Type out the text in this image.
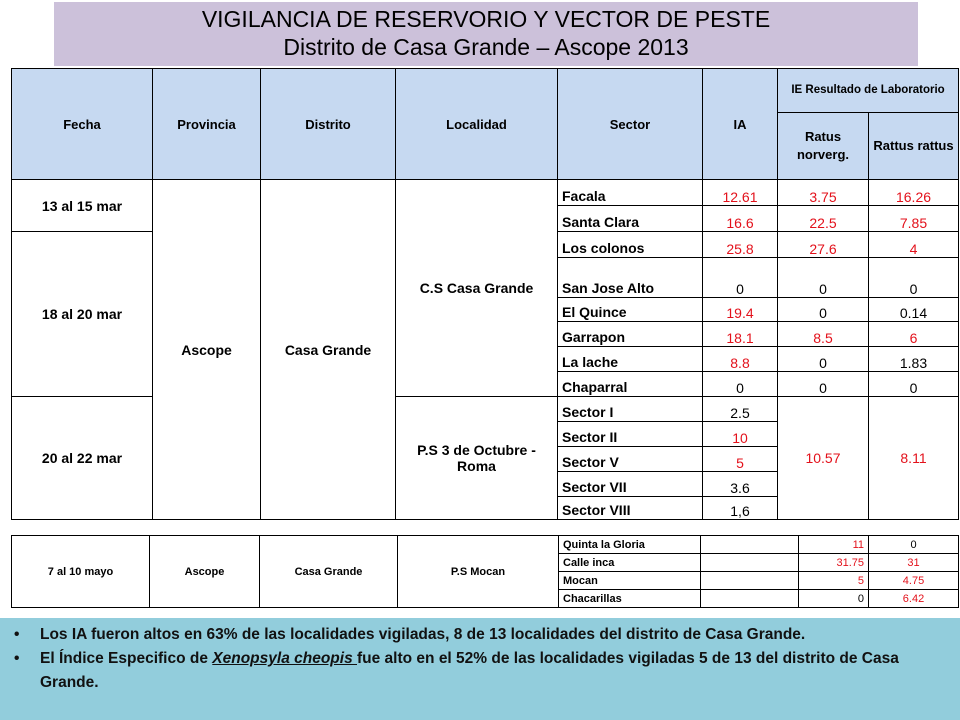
VIGILANCIA DE RESERVORIO Y VECTOR DE PESTE
Distrito de Casa Grande – Ascope 2013
Fecha	Provincia	Distrito	Localidad	Sector	IA	IE Resultado de Laboratorio	
						Ratus norverg.	Rattus rattus
13 al 15 mar	Ascope	Casa Grande	C.S Casa Grande	Facala	12.61	3.75	16.26
				Santa Clara	16.6	22.5	7.85
18 al 20 mar				Los colonos	25.8	27.6	4
				San Jose Alto	0	0	0
				El Quince	19.4	0	0.14
				Garrapon	18.1	8.5	6
				La lache	8.8	0	1.83
				Chaparral	0	0	0
20 al 22 mar			P.S 3 de Octubre - Roma	Sector I	2.5	10.57	8.11
				Sector II	10		
				Sector V	5		
				Sector VII	3.6		
				Sector VIII	1,6		
7 al 10 mayo	Ascope	Casa Grande	P.S Mocan	Quinta la Gloria		11	0
				Calle inca		31.75	31
				Mocan		5	4.75
				Chacarillas		0	6.42
• Los IA fueron altos en 63% de las localidades vigiladas, 8 de 13 localidades del distrito de Casa Grande.
• El Índice Especifico de Xenopsyla cheopis fue alto en el 52% de las localidades vigiladas 5 de 13 del distrito de Casa Grande.
